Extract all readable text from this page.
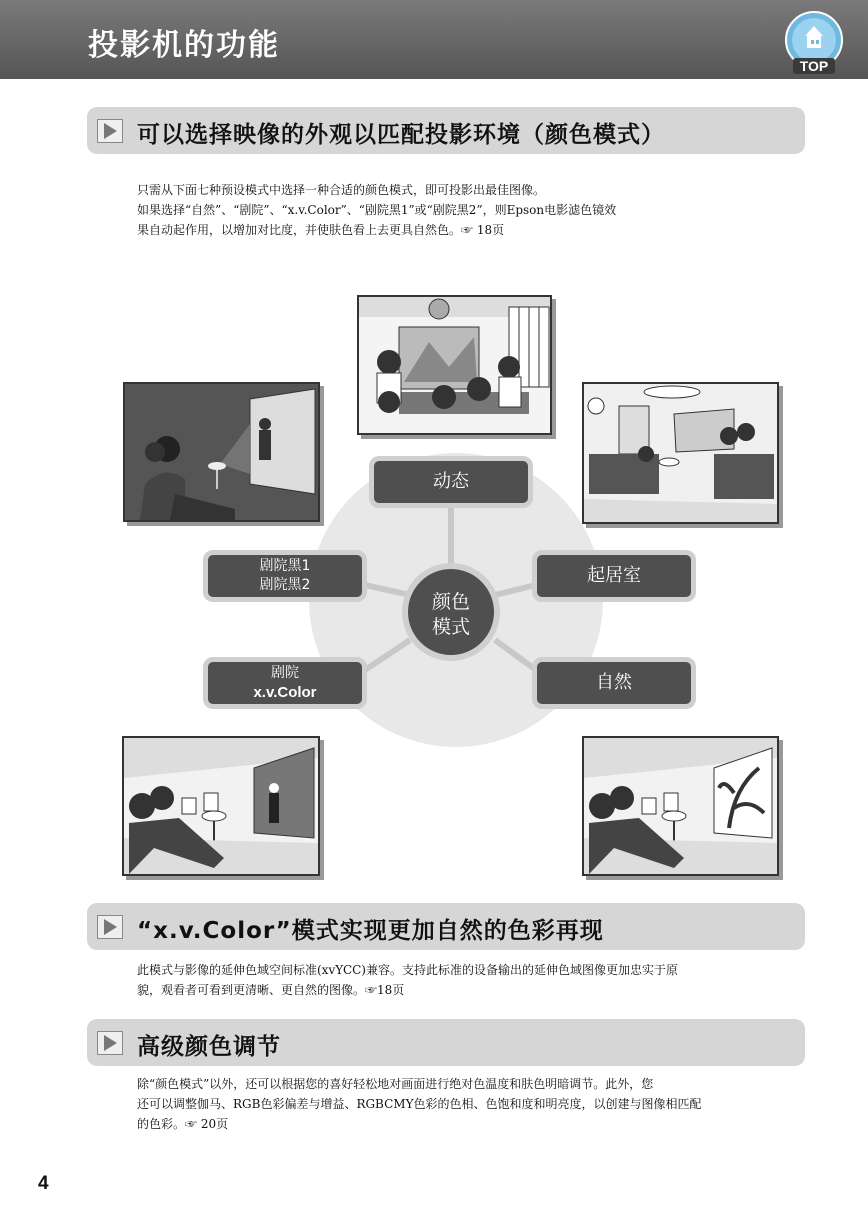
投影机的功能
TOP
可以选择映像的外观以匹配投影环境（颜色模式）
只需从下面七种预设模式中选择一种合适的颜色模式，即可投影出最佳图像。
如果选择“自然”、“剧院”、“x.v.Color”、“剧院黑1”或“剧院黑2”，则Epson电影滤色镜效
果自动起作用，以增加对比度，并使肤色看上去更具自然色。☞ 18页
颜色
模式
动态
起居室
自然
剧院黑1
剧院黑2
剧院
x.v.Color
“x.v.Color”模式实现更加自然的色彩再现
此模式与影像的延伸色域空间标准(xvYCC)兼容。支持此标准的设备输出的延伸色域图像更加忠实于原
貌，观看者可看到更清晰、更自然的图像。☞18页
高级颜色调节
除“颜色模式”以外，还可以根据您的喜好轻松地对画面进行绝对色温度和肤色明暗调节。此外，您
还可以调整伽马、RGB色彩偏差与增益、RGBCMY色彩的色相、色饱和度和明亮度，以创建与图像相匹配
的色彩。☞ 20页
4
